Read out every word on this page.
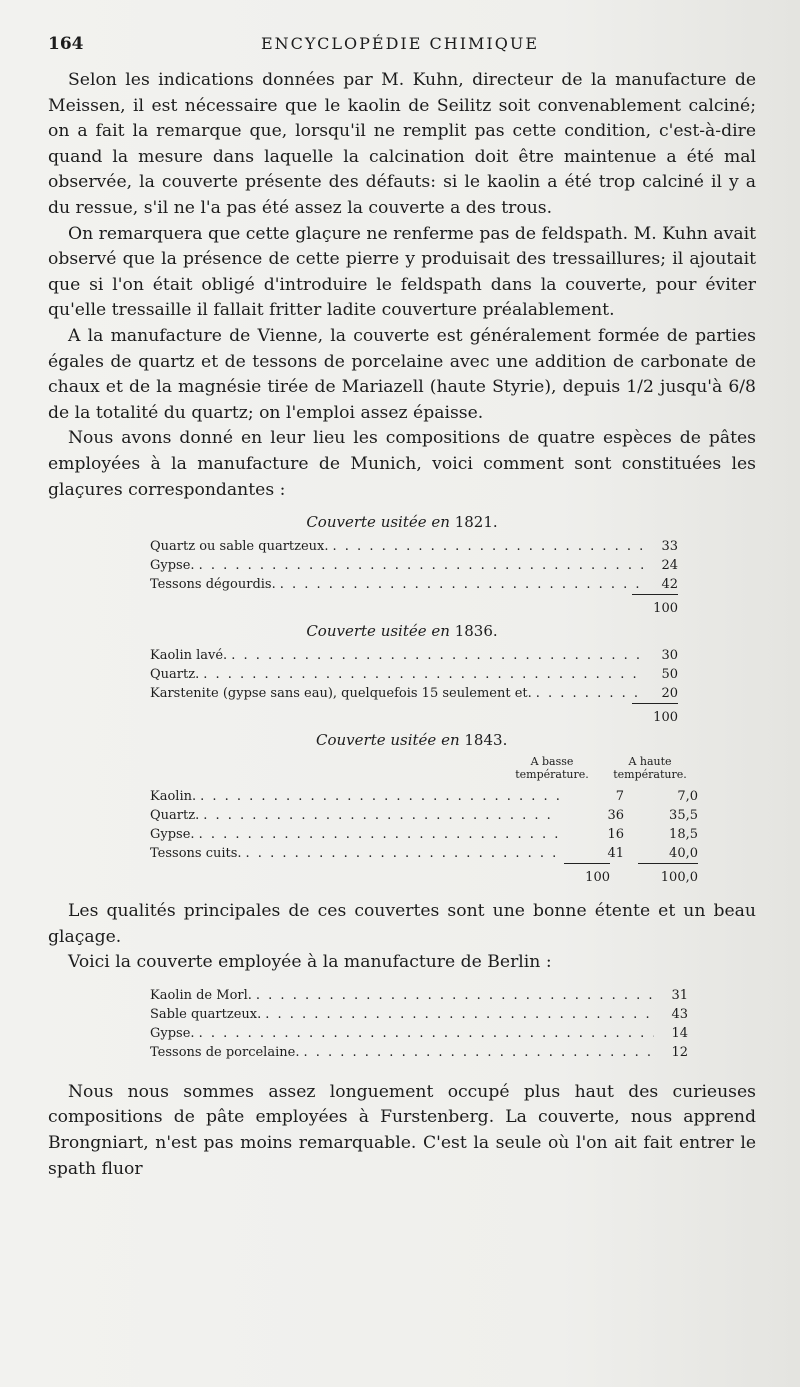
164	ENCYCLOPÉDIE CHIMIQUE

Selon les indications données par M. Kuhn, directeur de la manufacture de Meissen, il est nécessaire que le kaolin de Seilitz soit convenablement calciné; on a fait la remarque que, lorsqu'il ne remplit pas cette condition, c'est-à-dire quand la mesure dans laquelle la calcination doit être maintenue a été mal observée, la couverte présente des défauts: si le kaolin a été trop calciné il y a du ressue, s'il ne l'a pas été assez la couverte a des trous.

On remarquera que cette glaçure ne renferme pas de feldspath. M. Kuhn avait observé que la présence de cette pierre y produisait des tressaillures; il ajoutait que si l'on était obligé d'introduire le feldspath dans la couverte, pour éviter qu'elle tressaille il fallait fritter ladite couverture préalablement.

A la manufacture de Vienne, la couverte est généralement formée de parties égales de quartz et de tessons de porcelaine avec une addition de carbonate de chaux et de la magnésie tirée de Mariazell (haute Styrie), depuis 1/2 jusqu'à 6/8 de la totalité du quartz; on l'emploi assez épaisse.

Nous avons donné en leur lieu les compositions de quatre espèces de pâtes employées à la manufacture de Munich, voici comment sont constituées les glaçures correspondantes :

Couverte usitée en 1821.
Quartz ou sable quartzeux. . . .	33
Gypse. . . .	24
Tessons dégourdis. . . .	42
100
Couverte usitée en 1836.
Kaolin lavé. . . .	30
Quartz. . . .	50
Karstenite (gypse sans eau), quelquefois 15 seulement et. . . .	20
100
Couverte usitée en 1843.
A basse température.
A haute température.
Kaolin. . . .	7	7,0
Quartz. . . .	36	35,5
Gypse. . . .	16	18,5
Tessons cuits. . . .	41	40,0
100	100,0

Les qualités principales de ces couvertes sont une bonne étente et un beau glaçage.

Voici la couverte employée à la manufacture de Berlin :

Kaolin de Morl. . . .	31
Sable quartzeux. . . .	43
Gypse. . . .	14
Tessons de porcelaine. . . .	12

Nous nous sommes assez longuement occupé plus haut des curieuses compositions de pâte employées à Furstenberg. La couverte, nous apprend Brongniart, n'est pas moins remarquable. C'est la seule où l'on ait fait entrer le spath fluor
